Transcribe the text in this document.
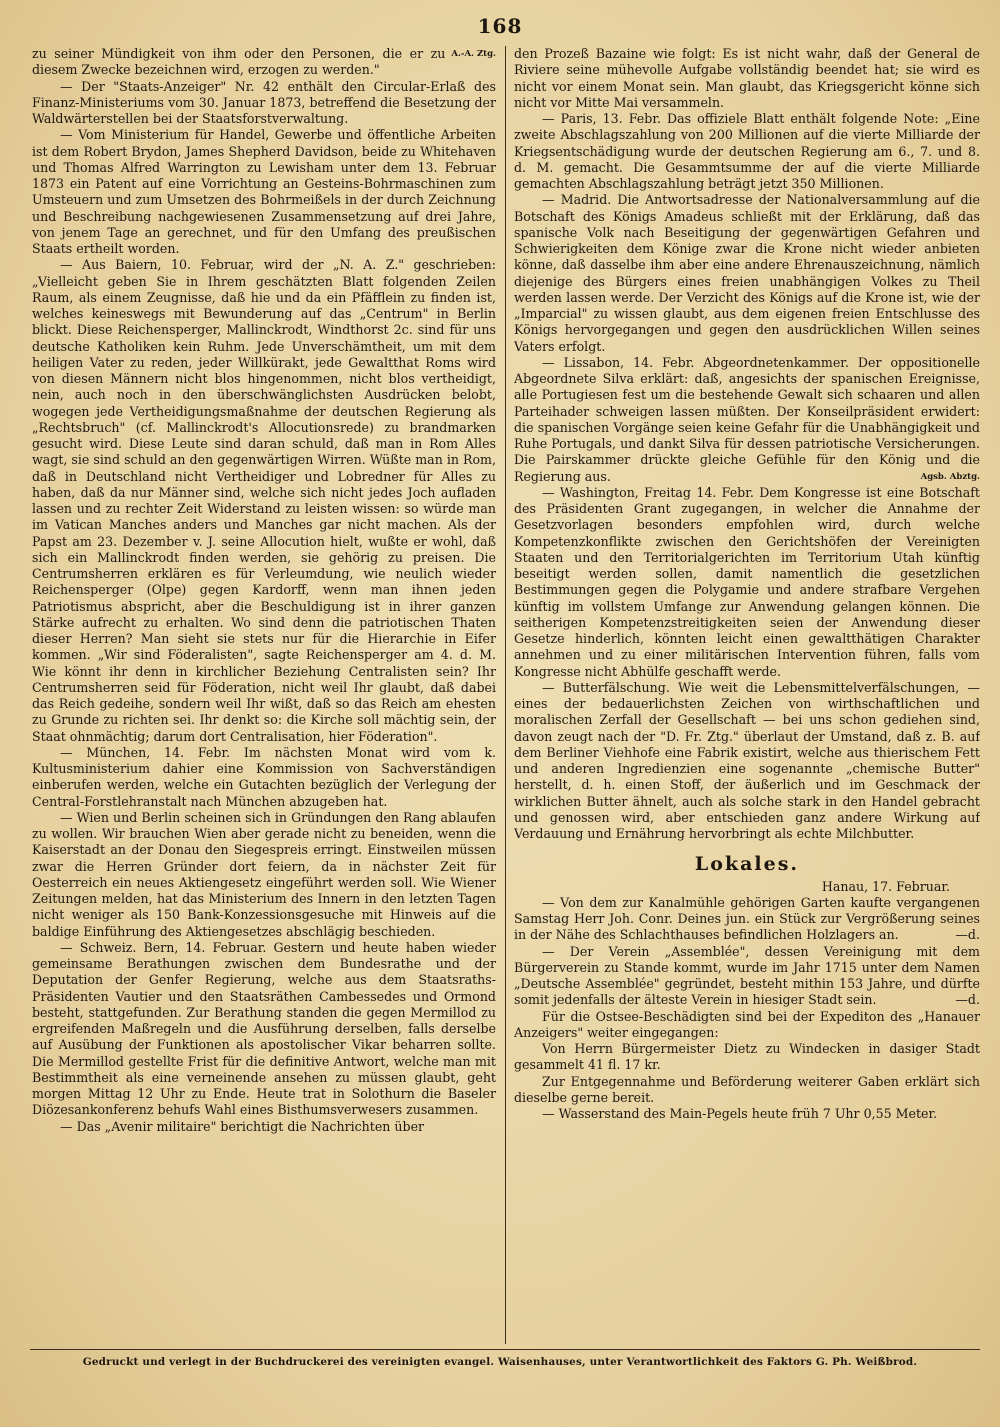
168

A.-A. Ztg.
zu seiner Mündigkeit von ihm oder den Personen, die er zu diesem Zwecke bezeichnen wird, erzogen zu werden."

— Der "Staats-Anzeiger" Nr. 42 enthält den Circular-Erlaß des Finanz-Ministeriums vom 30. Januar 1873, betreffend die Besetzung der Waldwärterstellen bei der Staatsforstverwaltung.

— Vom Ministerium für Handel, Gewerbe und öffentliche Arbeiten ist dem Robert Brydon, James Shepherd Davidson, beide zu Whitehaven und Thomas Alfred Warrington zu Lewisham unter dem 13. Februar 1873 ein Patent auf eine Vorrichtung an Gesteins-Bohrmaschinen zum Umsteuern und zum Umsetzen des Bohrmeißels in der durch Zeichnung und Beschreibung nachgewiesenen Zusammensetzung auf drei Jahre, von jenem Tage an gerechnet, und für den Umfang des preußischen Staats ertheilt worden.

— Aus Baiern, 10. Februar, wird der „N. A. Z." geschrieben: „Vielleicht geben Sie in Ihrem geschätzten Blatt folgenden Zeilen Raum, als einem Zeugnisse, daß hie und da ein Pfäfflein zu finden ist, welches keineswegs mit Bewunderung auf das „Centrum" in Berlin blickt. Diese Reichensperger, Mallinckrodt, Windthorst 2c. sind für uns deutsche Katholiken kein Ruhm. Jede Unverschämtheit, um mit dem heiligen Vater zu reden, jeder Willkürakt, jede Gewaltthat Roms wird von diesen Männern nicht blos hingenommen, nicht blos vertheidigt, nein, auch noch in den überschwänglichsten Ausdrücken belobt, wogegen jede Vertheidigungsmaßnahme der deutschen Regierung als „Rechtsbruch" (cf. Mallinckrodt's Allocutionsrede) zu brandmarken gesucht wird. Diese Leute sind daran schuld, daß man in Rom Alles wagt, sie sind schuld an den gegenwärtigen Wirren. Wüßte man in Rom, daß in Deutschland nicht Vertheidiger und Lobredner für Alles zu haben, daß da nur Männer sind, welche sich nicht jedes Joch aufladen lassen und zu rechter Zeit Widerstand zu leisten wissen: so würde man im Vatican Manches anders und Manches gar nicht machen. Als der Papst am 23. Dezember v. J. seine Allocution hielt, wußte er wohl, daß sich ein Mallinckrodt finden werden, sie gehörig zu preisen. Die Centrumsherren erklären es für Verleumdung, wie neulich wieder Reichensperger (Olpe) gegen Kardorff, wenn man ihnen jeden Patriotismus abspricht, aber die Beschuldigung ist in ihrer ganzen Stärke aufrecht zu erhalten. Wo sind denn die patriotischen Thaten dieser Herren? Man sieht sie stets nur für die Hierarchie in Eifer kommen. „Wir sind Föderalisten", sagte Reichensperger am 4. d. M. Wie könnt ihr denn in kirchlicher Beziehung Centralisten sein? Ihr Centrumsherren seid für Föderation, nicht weil Ihr glaubt, daß dabei das Reich gedeihe, sondern weil Ihr wißt, daß so das Reich am ehesten zu Grunde zu richten sei. Ihr denkt so: die Kirche soll mächtig sein, der Staat ohnmächtig; darum dort Centralisation, hier Föderation".

— München, 14. Febr. Im nächsten Monat wird vom k. Kultusministerium dahier eine Kommission von Sachverständigen einberufen werden, welche ein Gutachten bezüglich der Verlegung der Central-Forstlehranstalt nach München abzugeben hat.

— Wien und Berlin scheinen sich in Gründungen den Rang ablaufen zu wollen. Wir brauchen Wien aber gerade nicht zu beneiden, wenn die Kaiserstadt an der Donau den Siegespreis erringt. Einstweilen müssen zwar die Herren Gründer dort feiern, da in nächster Zeit für Oesterreich ein neues Aktiengesetz eingeführt werden soll. Wie Wiener Zeitungen melden, hat das Ministerium des Innern in den letzten Tagen nicht weniger als 150 Bank-Konzessionsgesuche mit Hinweis auf die baldige Einführung des Aktiengesetzes abschlägig beschieden.

— Schweiz. Bern, 14. Februar. Gestern und heute haben wieder gemeinsame Berathungen zwischen dem Bundesrathe und der Deputation der Genfer Regierung, welche aus dem Staatsraths-Präsidenten Vautier und den Staatsräthen Cambessedes und Ormond besteht, stattgefunden. Zur Berathung standen die gegen Mermillod zu ergreifenden Maßregeln und die Ausführung derselben, falls derselbe auf Ausübung der Funktionen als apostolischer Vikar beharren sollte. Die Mermillod gestellte Frist für die definitive Antwort, welche man mit Bestimmtheit als eine verneinende ansehen zu müssen glaubt, geht morgen Mittag 12 Uhr zu Ende. Heute trat in Solothurn die Baseler Diözesankonferenz behufs Wahl eines Bisthumsverwesers zusammen.

— Das „Avenir militaire" berichtigt die Nachrichten über

den Prozeß Bazaine wie folgt: Es ist nicht wahr, daß der General de Riviere seine mühevolle Aufgabe vollständig beendet hat; sie wird es nicht vor einem Monat sein. Man glaubt, das Kriegsgericht könne sich nicht vor Mitte Mai versammeln.

— Paris, 13. Febr. Das offiziele Blatt enthält folgende Note: „Eine zweite Abschlagszahlung von 200 Millionen auf die vierte Milliarde der Kriegsentschädigung wurde der deutschen Regierung am 6., 7. und 8. d. M. gemacht. Die Gesammtsumme der auf die vierte Milliarde gemachten Abschlagszahlung beträgt jetzt 350 Millionen.

— Madrid. Die Antwortsadresse der Nationalversammlung auf die Botschaft des Königs Amadeus schließt mit der Erklärung, daß das spanische Volk nach Beseitigung der gegenwärtigen Gefahren und Schwierigkeiten dem Könige zwar die Krone nicht wieder anbieten könne, daß dasselbe ihm aber eine andere Ehrenauszeichnung, nämlich diejenige des Bürgers eines freien unabhängigen Volkes zu Theil werden lassen werde. Der Verzicht des Königs auf die Krone ist, wie der „Imparcial" zu wissen glaubt, aus dem eigenen freien Entschlusse des Königs hervorgegangen und gegen den ausdrücklichen Willen seines Vaters erfolgt.

— Lissabon, 14. Febr. Abgeordnetenkammer. Der oppositionelle Abgeordnete Silva erklärt: daß, angesichts der spanischen Ereignisse, alle Portugiesen fest um die bestehende Gewalt sich schaaren und allen Parteihader schweigen lassen müßten. Der Konseilpräsident erwidert: die spanischen Vorgänge seien keine Gefahr für die Unabhängigkeit und Ruhe Portugals, und dankt Silva für dessen patriotische Versicherungen. Die Pairskammer drückte gleiche Gefühle für den König und die Regierung aus.	Agsb. Abztg.

— Washington, Freitag 14. Febr. Dem Kongresse ist eine Botschaft des Präsidenten Grant zugegangen, in welcher die Annahme der Gesetzvorlagen besonders empfohlen wird, durch welche Kompetenzkonflikte zwischen den Gerichtshöfen der Vereinigten Staaten und den Territorialgerichten im Territorium Utah künftig beseitigt werden sollen, damit namentlich die gesetzlichen Bestimmungen gegen die Polygamie und andere strafbare Vergehen künftig im vollstem Umfange zur Anwendung gelangen können. Die seitherigen Kompetenzstreitigkeiten seien der Anwendung dieser Gesetze hinderlich, könnten leicht einen gewaltthätigen Charakter annehmen und zu einer militärischen Intervention führen, falls vom Kongresse nicht Abhülfe geschafft werde.

— Butterfälschung. Wie weit die Lebensmittelverfälschungen, — eines der bedauerlichsten Zeichen von wirthschaftlichen und moralischen Zerfall der Gesellschaft — bei uns schon gediehen sind, davon zeugt nach der "D. Fr. Ztg." überlaut der Umstand, daß z. B. auf dem Berliner Viehhofe eine Fabrik existirt, welche aus thierischem Fett und anderen Ingredienzien eine sogenannte „chemische Butter" herstellt, d. h. einen Stoff, der äußerlich und im Geschmack der wirklichen Butter ähnelt, auch als solche stark in den Handel gebracht und genossen wird, aber entschieden ganz andere Wirkung auf Verdauung und Ernährung hervorbringt als echte Milchbutter.

Lokales.

Hanau, 17. Februar.

— Von dem zur Kanalmühle gehörigen Garten kaufte vergangenen Samstag Herr Joh. Conr. Deines jun. ein Stück zur Vergrößerung seines in der Nähe des Schlachthauses befindlichen Holzlagers an.	—d.

— Der Verein „Assemblée", dessen Vereinigung mit dem Bürgerverein zu Stande kommt, wurde im Jahr 1715 unter dem Namen „Deutsche Assemblée" gegründet, besteht mithin 153 Jahre, und dürfte somit jedenfalls der älteste Verein in hiesiger Stadt sein.	—d.

Für die Ostsee-Beschädigten sind bei der Expediton des „Hanauer Anzeigers" weiter eingegangen:

Von Herrn Bürgermeister Dietz zu Windecken in dasiger Stadt gesammelt 41 fl. 17 kr.

Zur Entgegennahme und Beförderung weiterer Gaben erklärt sich dieselbe gerne bereit.

— Wasserstand des Main-Pegels heute früh 7 Uhr 0,55 Meter.

Gedruckt und verlegt in der Buchdruckerei des vereinigten evangel. Waisenhauses, unter Verantwortlichkeit des Faktors G. Ph. Weißbrod.
